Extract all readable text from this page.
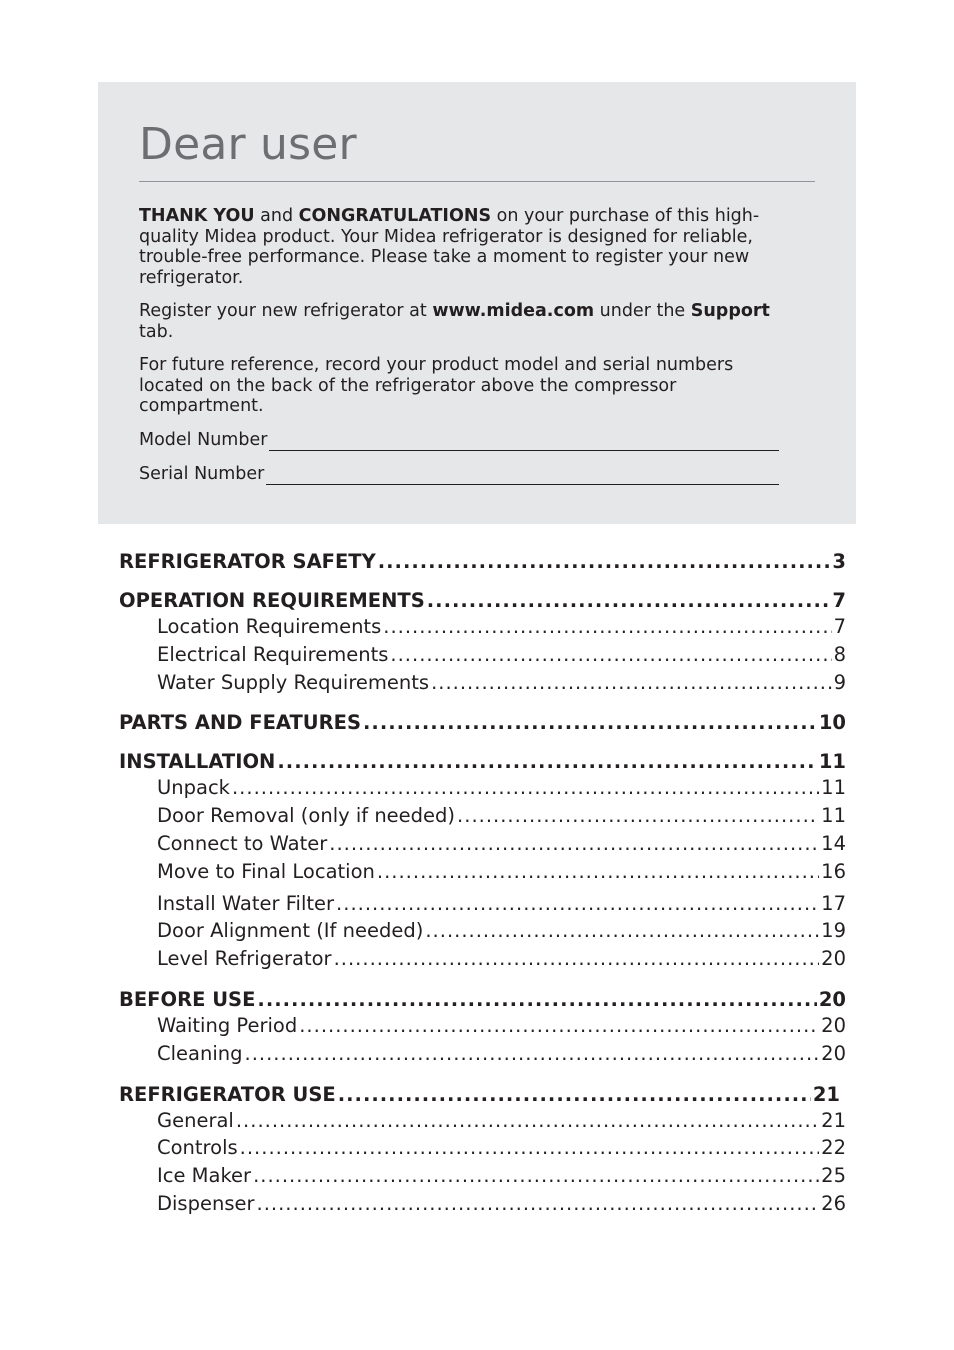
Dear user

THANK YOU and CONGRATULATIONS on your purchase of this high-quality Midea product. Your Midea refrigerator is designed for reliable, trouble-free performance. Please take a moment to register your new refrigerator.

Register your new refrigerator at www.midea.com under the Support tab.

For future reference, record your product model and serial numbers located on the back of the refrigerator above the compressor compartment.

Model Number
Serial Number
REFRIGERATOR SAFETY .....	3
OPERATION REQUIREMENTS .....	7
Location Requirements .....	7
Electrical Requirements .....	8
Water Supply Requirements .....	9
PARTS AND FEATURES .....	10
INSTALLATION .....	11
Unpack .....	11
Door Removal (only if needed) .....	11
Connect to Water .....	14
Move to Final Location .....	16
Install Water Filter .....	17
Door Alignment (If needed) .....	19
Level Refrigerator .....	20
BEFORE USE .....	20
Waiting Period .....	20
Cleaning .....	20
REFRIGERATOR USE .....	21
General .....	21
Controls .....	22
Ice Maker .....	25
Dispenser .....	26
